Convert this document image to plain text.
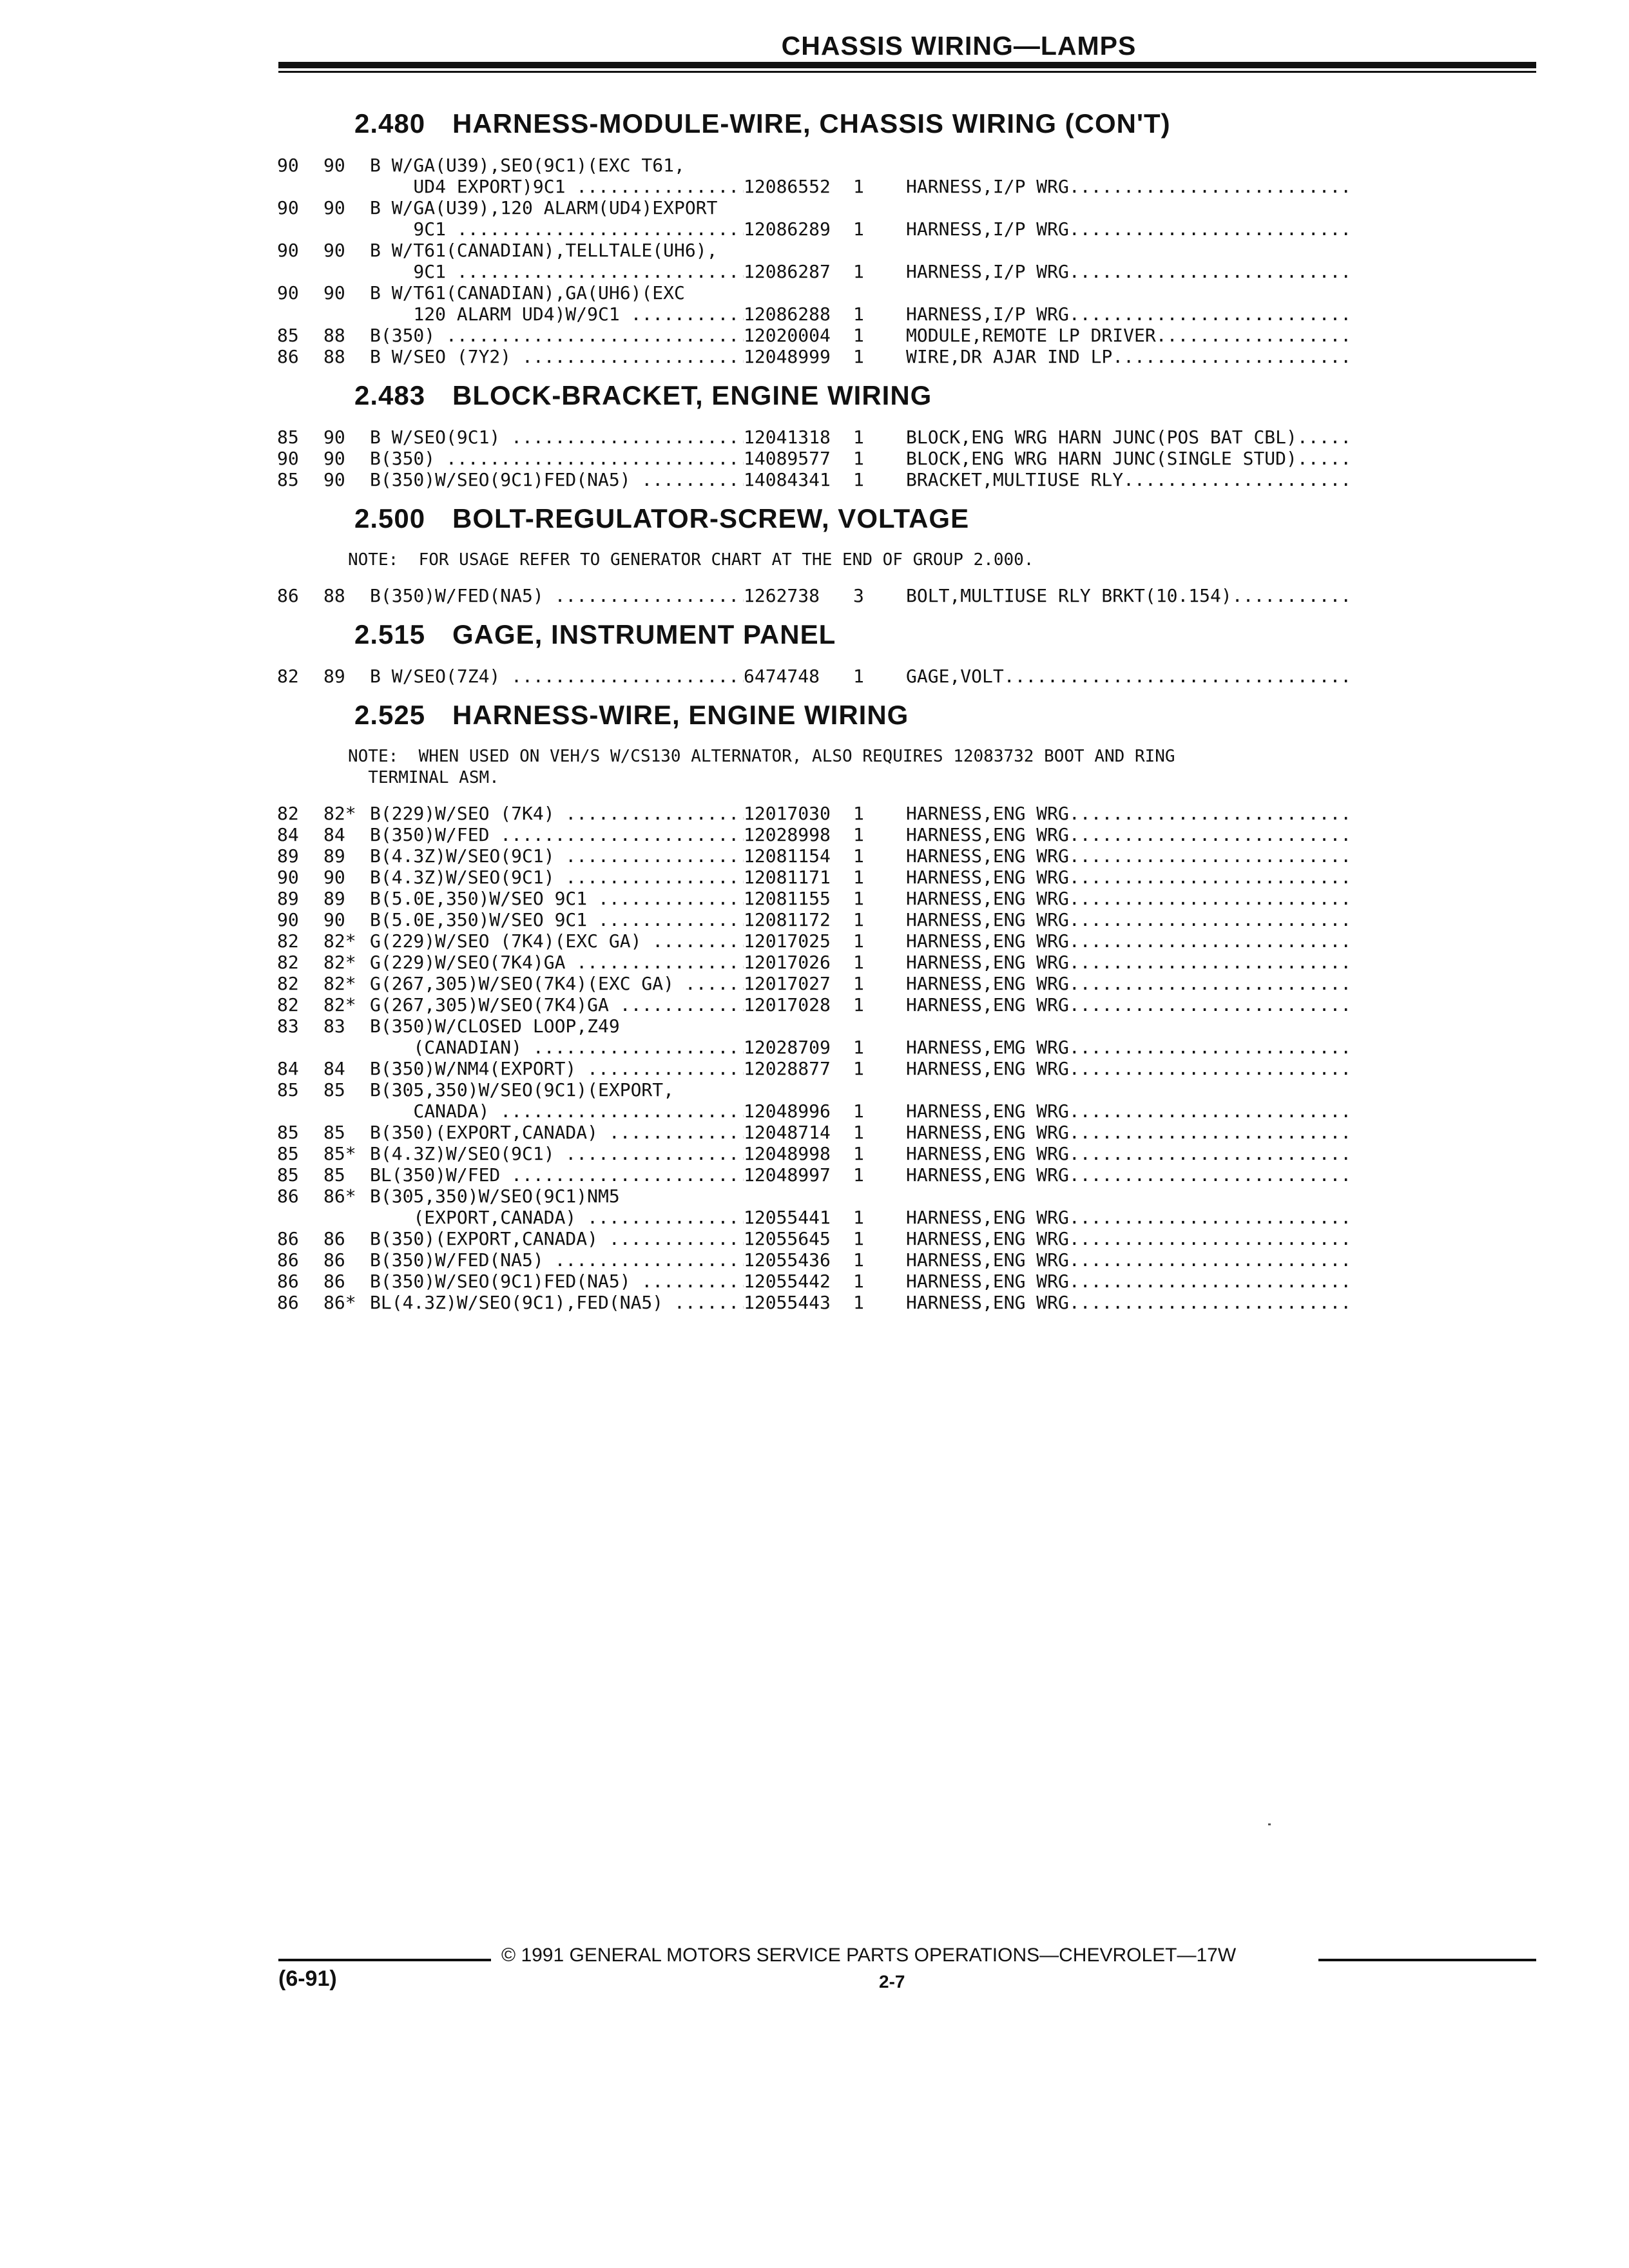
CHASSIS WIRING—LAMPS
2.480 HARNESS-MODULE-WIRE, CHASSIS WIRING (CON'T)
90	90	B W/GA(U39),SEO(9C1)(EXC T61,
UD4 EXPORT)9C1 .....	12086552	1	HARNESS,I/P WRG .....
90	90	B W/GA(U39),120 ALARM(UD4)EXPORT
9C1 .....	12086289	1	HARNESS,I/P WRG .....
90	90	B W/T61(CANADIAN),TELLTALE(UH6),
9C1 .....	12086287	1	HARNESS,I/P WRG .....
90	90	B W/T61(CANADIAN),GA(UH6)(EXC
120 ALARM UD4)W/9C1 .....	12086288	1	HARNESS,I/P WRG .....
85	88	B(350) .....	12020004	1	MODULE,REMOTE LP DRIVER .....
86	88	B W/SEO (7Y2) .....	12048999	1	WIRE,DR AJAR IND LP .....
2.483 BLOCK-BRACKET, ENGINE WIRING
85	90	B W/SEO(9C1) .....	12041318	1	BLOCK,ENG WRG HARN JUNC(POS BAT CBL) .....
90	90	B(350) .....	14089577	1	BLOCK,ENG WRG HARN JUNC(SINGLE STUD) .....
85	90	B(350)W/SEO(9C1)FED(NA5) .....	14084341	1	BRACKET,MULTIUSE RLY .....
2.500 BOLT-REGULATOR-SCREW, VOLTAGE
NOTE:  FOR USAGE REFER TO GENERATOR CHART AT THE END OF GROUP 2.000.
86	88	B(350)W/FED(NA5) .....	1262738	3	BOLT,MULTIUSE RLY BRKT(10.154) .....
2.515 GAGE, INSTRUMENT PANEL
82	89	B W/SEO(7Z4) .....	6474748	1	GAGE,VOLT .....
2.525 HARNESS-WIRE, ENGINE WIRING
NOTE:  WHEN USED ON VEH/S W/CS130 ALTERNATOR, ALSO REQUIRES 12083732 BOOT AND RING
TERMINAL ASM.
82	82* B(229)W/SEO (7K4) .....	12017030	1	HARNESS,ENG WRG .....
84	84	B(350)W/FED .....	12028998	1	HARNESS,ENG WRG .....
89	89	B(4.3Z)W/SEO(9C1) .....	12081154	1	HARNESS,ENG WRG .....
90	90	B(4.3Z)W/SEO(9C1) .....	12081171	1	HARNESS,ENG WRG .....
89	89	B(5.0E,350)W/SEO 9C1 .....	12081155	1	HARNESS,ENG WRG .....
90	90	B(5.0E,350)W/SEO 9C1 .....	12081172	1	HARNESS,ENG WRG .....
82	82* G(229)W/SEO (7K4)(EXC GA) .....	12017025	1	HARNESS,ENG WRG .....
82	82* G(229)W/SEO(7K4)GA .....	12017026	1	HARNESS,ENG WRG .....
82	82* G(267,305)W/SEO(7K4)(EXC GA) .....	12017027	1	HARNESS,ENG WRG .....
82	82* G(267,305)W/SEO(7K4)GA .....	12017028	1	HARNESS,ENG WRG .....
83	83	B(350)W/CLOSED LOOP,Z49
(CANADIAN) .....	12028709	1	HARNESS,EMG WRG .....
84	84	B(350)W/NM4(EXPORT) .....	12028877	1	HARNESS,ENG WRG .....
85	85	B(305,350)W/SEO(9C1)(EXPORT,
CANADA) .....	12048996	1	HARNESS,ENG WRG .....
85	85	B(350)(EXPORT,CANADA) .....	12048714	1	HARNESS,ENG WRG .....
85	85* B(4.3Z)W/SEO(9C1) .....	12048998	1	HARNESS,ENG WRG .....
85	85	BL(350)W/FED .....	12048997	1	HARNESS,ENG WRG .....
86	86* B(305,350)W/SEO(9C1)NM5
(EXPORT,CANADA) .....	12055441	1	HARNESS,ENG WRG .....
86	86	B(350)(EXPORT,CANADA) .....	12055645	1	HARNESS,ENG WRG .....
86	86	B(350)W/FED(NA5) .....	12055436	1	HARNESS,ENG WRG .....
86	86	B(350)W/SEO(9C1)FED(NA5) .....	12055442	1	HARNESS,ENG WRG .....
86	86* BL(4.3Z)W/SEO(9C1),FED(NA5) .....	12055443	1	HARNESS,ENG WRG .....
© 1991 GENERAL MOTORS SERVICE PARTS OPERATIONS—CHEVROLET—17W
(6-91)	2-7
